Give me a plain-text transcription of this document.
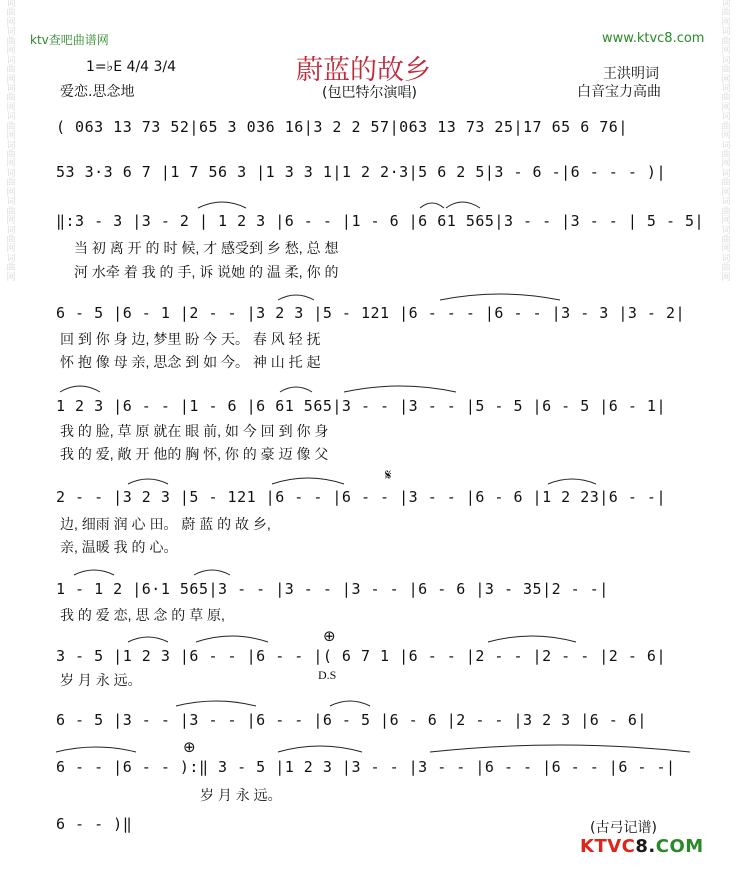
词曲网词曲网词曲网词曲网词曲网词曲网词曲网词曲网词曲网词曲网
词曲网词曲网词曲网词曲网词曲网词曲网词曲网词曲网词曲网词曲网
ktv查吧曲谱网	www.ktvc8.com
蔚蓝的故乡
1=♭E 4/4 3/4	王洪明词
爱恋.思念地	(包巴特尔演唱)	白音宝力高曲
( 063 13 73 52|65 3 036 16|3 2 2 57|063 13 73 25|17 65 6 76|
53 3·3 6 7 |1 7 56 3 |1 3 3 1|1 2 2·3|5 6 2 5|3 - 6 -|6 - - - )|
‖:3 - 3 |3 - 2 | 1 2 3 |6 - - |1 - 6 |6 61 565|3 - - |3 - - | 5 - 5|
当 初 离 开 的 时 候, 才 感受到 乡 愁, 总 想
河 水牵 着 我 的 手, 诉 说她 的 温 柔, 你 的
6 - 5 |6 - 1 |2 - - |3 2 3 |5 - 121 |6 - - - |6 - - |3 - 3 |3 - 2|
回 到 你 身 边, 梦里 盼 今 天。 春 风 轻 抚
怀 抱 像 母 亲, 思念 到 如 今。 神 山 托 起
1 2 3 |6 - - |1 - 6 |6 61 565|3 - - |3 - - |5 - 5 |6 - 5 |6 - 1|
我 的 脸, 草 原 就在 眼 前, 如 今 回 到 你 身
我 的 爱, 敞 开 他的 胸 怀, 你 的 豪 迈 像 父
𝄋
2 - - |3 2 3 |5 - 121 |6 - - |6 - - |3 - - |6 - 6 |1 2 23|6 - -|
边, 细雨 润 心 田。 蔚 蓝 的 故 乡,
亲, 温暖 我 的 心。
1 - 1 2 |6·1 565|3 - - |3 - - |3 - - |6 - 6 |3 - 35|2 - -|
我 的 爱 恋, 思 念 的 草 原,
⊕
3 - 5 |1 2 3 |6 - - |6 - - |( 6 7 1 |6 - - |2 - - |2 - - |2 - 6|
岁 月 永 远。	D.S
6 - 5 |3 - - |3 - - |6 - - |6 - 5 |6 - 6 |2 - - |3 2 3 |6 - 6|
⊕
6 - - |6 - - ):‖ 3 - 5 |1 2 3 |3 - - |3 - - |6 - - |6 - - |6 - -|
岁 月 永 远。
6 - - )‖	(古弓记谱)
KTVC8.COM
